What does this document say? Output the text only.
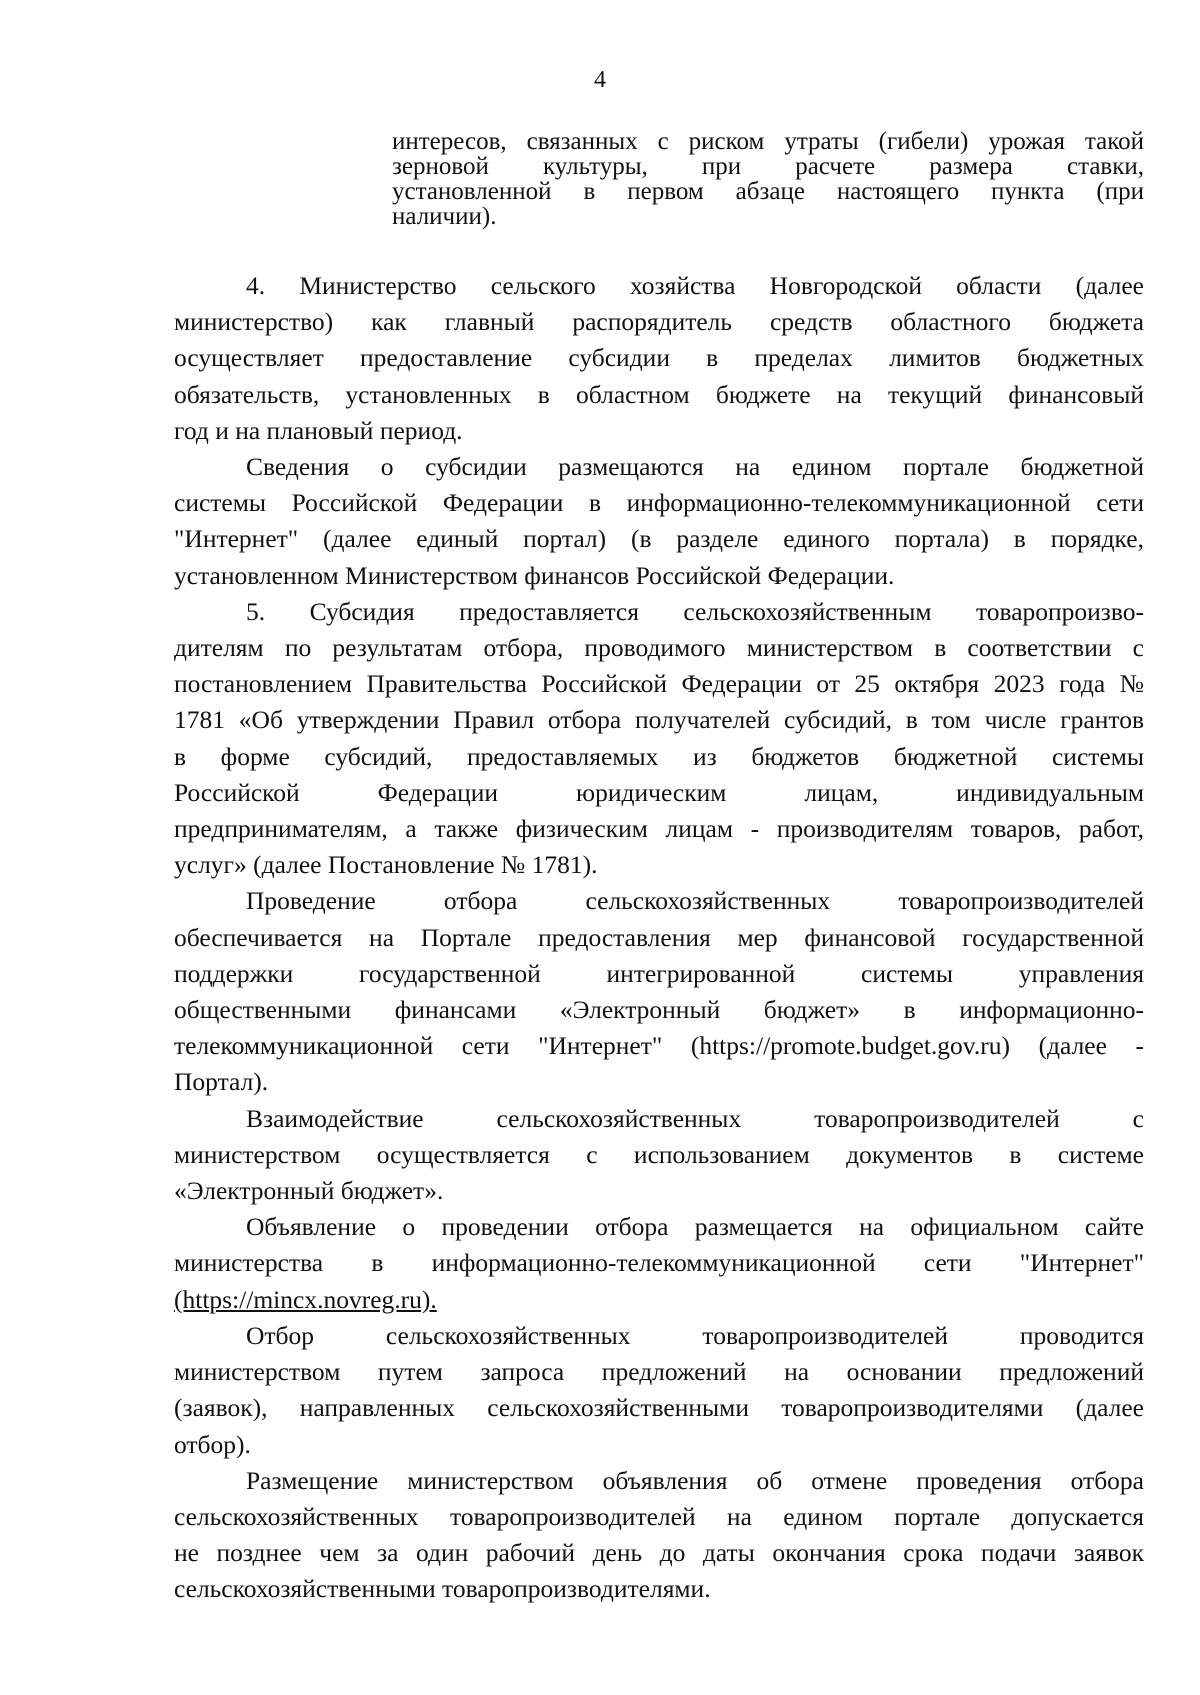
4
интересов, связанных с риском утраты (гибели) урожая такой
зерновой культуры, при расчете размера ставки,
установленной в первом абзаце настоящего пункта (при
наличии).
4. Министерство сельского хозяйства Новгородской области (далее
министерство) как главный распорядитель средств областного бюджета
осуществляет предоставление субсидии в пределах лимитов бюджетных
обязательств, установленных в областном бюджете на текущий финансовый
год и на плановый период.
Сведения о субсидии размещаются на едином портале бюджетной
системы Российской Федерации в информационно-телекоммуникационной сети
"Интернет" (далее единый портал) (в разделе единого портала) в порядке,
установленном Министерством финансов Российской Федерации.
5. Субсидия предоставляется сельскохозяйственным товаропроизво-
дителям по результатам отбора, проводимого министерством в соответствии с
постановлением Правительства Российской Федерации от 25 октября 2023 года №
1781 «Об утверждении Правил отбора получателей субсидий, в том числе грантов
в форме субсидий, предоставляемых из бюджетов бюджетной системы
Российской Федерации юридическим лицам, индивидуальным
предпринимателям, а также физическим лицам - производителям товаров, работ,
услуг» (далее Постановление № 1781).
Проведение отбора сельскохозяйственных товаропроизводителей
обеспечивается на Портале предоставления мер финансовой государственной
поддержки государственной интегрированной системы управления
общественными финансами «Электронный бюджет» в информационно-
телекоммуникационной сети "Интернет" (https://promote.budget.gov.ru) (далее -
Портал).
Взаимодействие сельскохозяйственных товаропроизводителей с
министерством осуществляется с использованием документов в системе
«Электронный бюджет».
Объявление о проведении отбора размещается на официальном сайте
министерства в информационно-телекоммуникационной сети "Интернет"
(https://mincx.novreg.ru).
Отбор сельскохозяйственных товаропроизводителей проводится
министерством путем запроса предложений на основании предложений
(заявок), направленных сельскохозяйственными товаропроизводителями (далее
отбор).
Размещение министерством объявления об отмене проведения отбора
сельскохозяйственных товаропроизводителей на едином портале допускается
не позднее чем за один рабочий день до даты окончания срока подачи заявок
сельскохозяйственными товаропроизводителями.
